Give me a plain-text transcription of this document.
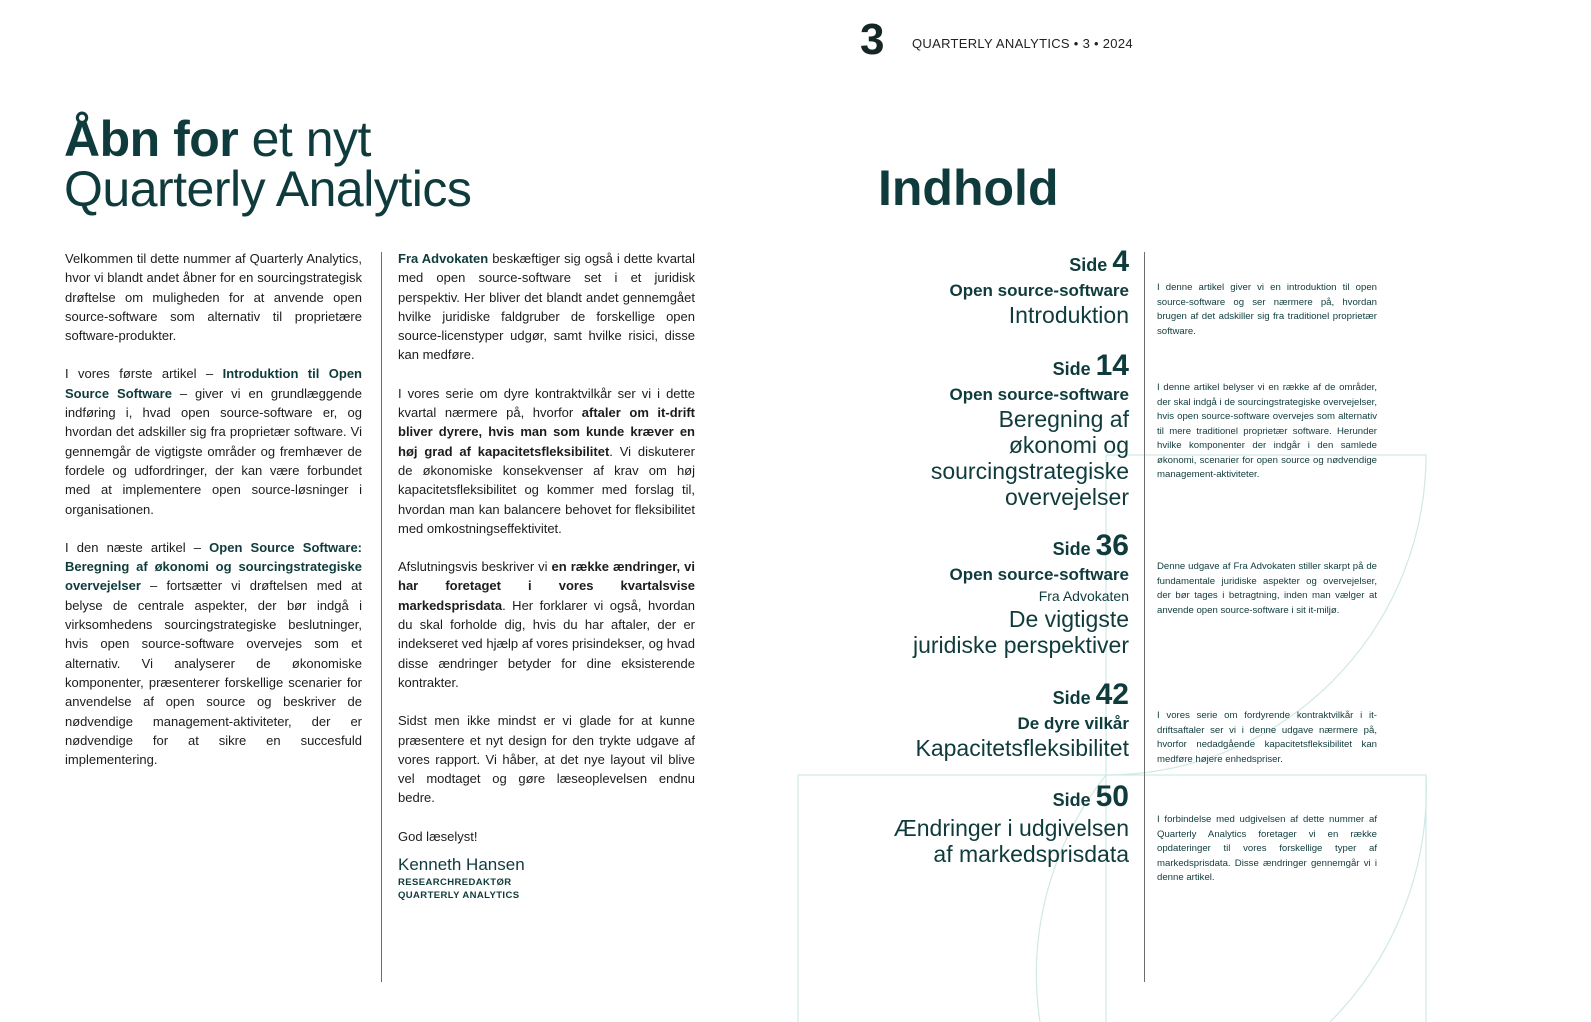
3 QUARTERLY ANALYTICS • 3 • 2024
Åbn for et nyt
Quarterly Analytics

Velkommen til dette nummer af Quarterly Analytics, hvor vi blandt andet åbner for en sourcingstrategisk drøftelse om muligheden for at anvende open source-software som alternativ til proprietære software-produkter.

I vores første artikel – Introduktion til Open Source Software – giver vi en grundlæggende indføring i, hvad open source-software er, og hvordan det adskiller sig fra proprietær software. Vi gennemgår de vigtigste områder og fremhæver de fordele og udfordringer, der kan være forbundet med at implementere open source-løsninger i organisationen.

I den næste artikel – Open Source Software: Beregning af økonomi og sourcingstrategiske overvejelser – fortsætter vi drøftelsen med at belyse de centrale aspekter, der bør indgå i virksomhedens sourcingstrategiske beslutninger, hvis open source-software overvejes som et alternativ. Vi analyserer de økonomiske komponenter, præsenterer forskellige scenarier for anvendelse af open source og beskriver de nødvendige management-aktiviteter, der er nødvendige for at sikre en succesfuld implementering.

Fra Advokaten beskæftiger sig også i dette kvartal med open source-software set i et juridisk perspektiv. Her bliver det blandt andet gennemgået hvilke juridiske faldgruber de forskellige open source-licenstyper udgør, samt hvilke risici, disse kan medføre.

I vores serie om dyre kontraktvilkår ser vi i dette kvartal nærmere på, hvorfor aftaler om it-drift bliver dyrere, hvis man som kunde kræver en høj grad af kapacitetsfleksibilitet. Vi diskuterer de økonomiske konsekvenser af krav om høj kapacitetsfleksibilitet og kommer med forslag til, hvordan man kan balancere behovet for fleksibilitet med omkostningseffektivitet.

Afslutningsvis beskriver vi en række ændringer, vi har foretaget i vores kvartalsvise markedsprisdata. Her forklarer vi også, hvordan du skal forholde dig, hvis du har aftaler, der er indekseret ved hjælp af vores prisindekser, og hvad disse ændringer betyder for dine eksisterende kontrakter.

Sidst men ikke mindst er vi glade for at kunne præsentere et nyt design for den trykte udgave af vores rapport. Vi håber, at det nye layout vil blive vel modtaget og gøre læseoplevelsen endnu bedre.

God læselyst!

Kenneth Hansen
RESEARCHREDAKTØR
QUARTERLY ANALYTICS
Indhold
Side 4
Open source-software
Introduktion
I denne artikel giver vi en introduktion til open source-software og ser nærmere på, hvordan brugen af det adskiller sig fra traditionel proprietær software.
Side 14
Open source-software
Beregning af
økonomi og
sourcingstrategiske
overvejelser
I denne artikel belyser vi en række af de områder, der skal indgå i de sourcingstrategiske overvejelser, hvis open source-software overvejes som alternativ til mere traditionel proprietær software. Herunder hvilke komponenter der indgår i den samlede økonomi, scenarier for open source og nødvendige management-aktiviteter.
Side 36
Open source-software
Fra Advokaten
De vigtigste
juridiske perspektiver
Denne udgave af Fra Advokaten stiller skarpt på de fundamentale juridiske aspekter og overvejelser, der bør tages i betragtning, inden man vælger at anvende open source-software i sit it-miljø.
Side 42
De dyre vilkår
Kapacitetsfleksibilitet
I vores serie om fordyrende kontraktvilkår i it-driftsaftaler ser vi i denne udgave nærmere på, hvorfor nedadgående kapacitetsfleksibilitet kan medføre højere enhedspriser.
Side 50
Ændringer i udgivelsen
af markedsprisdata
I forbindelse med udgivelsen af dette nummer af Quarterly Analytics foretager vi en række opdateringer til vores forskellige typer af markedsprisdata. Disse ændringer gennemgår vi i denne artikel.
